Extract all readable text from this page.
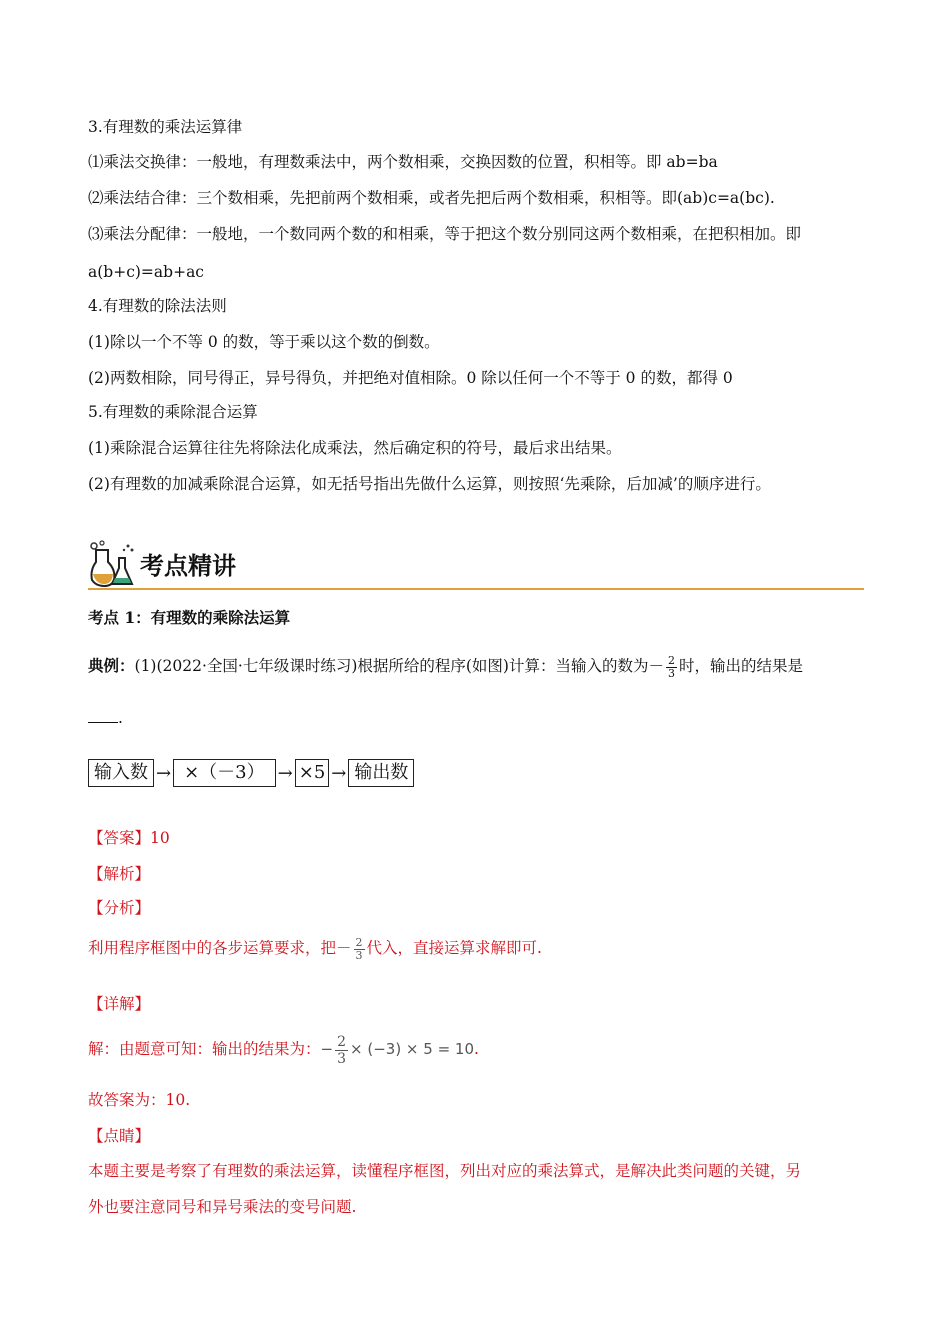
3.有理数的乘法运算律
⑴乘法交换律：一般地，有理数乘法中，两个数相乘，交换因数的位置，积相等。即 ab=ba
⑵乘法结合律：三个数相乘，先把前两个数相乘，或者先把后两个数相乘，积相等。即(ab)c=a(bc).
⑶乘法分配律：一般地，一个数同两个数的和相乘，等于把这个数分别同这两个数相乘，在把积相加。即
a(b+c)=ab+ac
4.有理数的除法法则
(1)除以一个不等 0 的数，等于乘以这个数的倒数。
(2)两数相除，同号得正，异号得负，并把绝对值相除。0 除以任何一个不等于 0 的数，都得 0
5.有理数的乘除混合运算
(1)乘除混合运算往往先将除法化成乘法，然后确定积的符号，最后求出结果。
(2)有理数的加减乘除混合运算，如无括号指出先做什么运算，则按照‘先乘除，后加减’的顺序进行。
考点精讲
考点 1：有理数的乘除法运算
典例：(1)(2022·全国·七年级课时练习)根据所给的程序(如图)计算：当输入的数为－ $\frac{2}{3}$ 时，输出的结果是
.
输入数 → ×（－3） → ×5 → 输出数
【答案】10
【解析】
【分析】
利用程序框图中的各步运算要求，把－ $\frac{2}{3}$ 代入，直接运算求解即可.
【详解】
解：由题意可知：输出的结果为：− $\frac{2}{3} \times (-3) \times 5 = 10$.
故答案为：10.
【点睛】
本题主要是考察了有理数的乘法运算，读懂程序框图，列出对应的乘法算式，是解决此类问题的关键，另
外也要注意同号和异号乘法的变号问题.
